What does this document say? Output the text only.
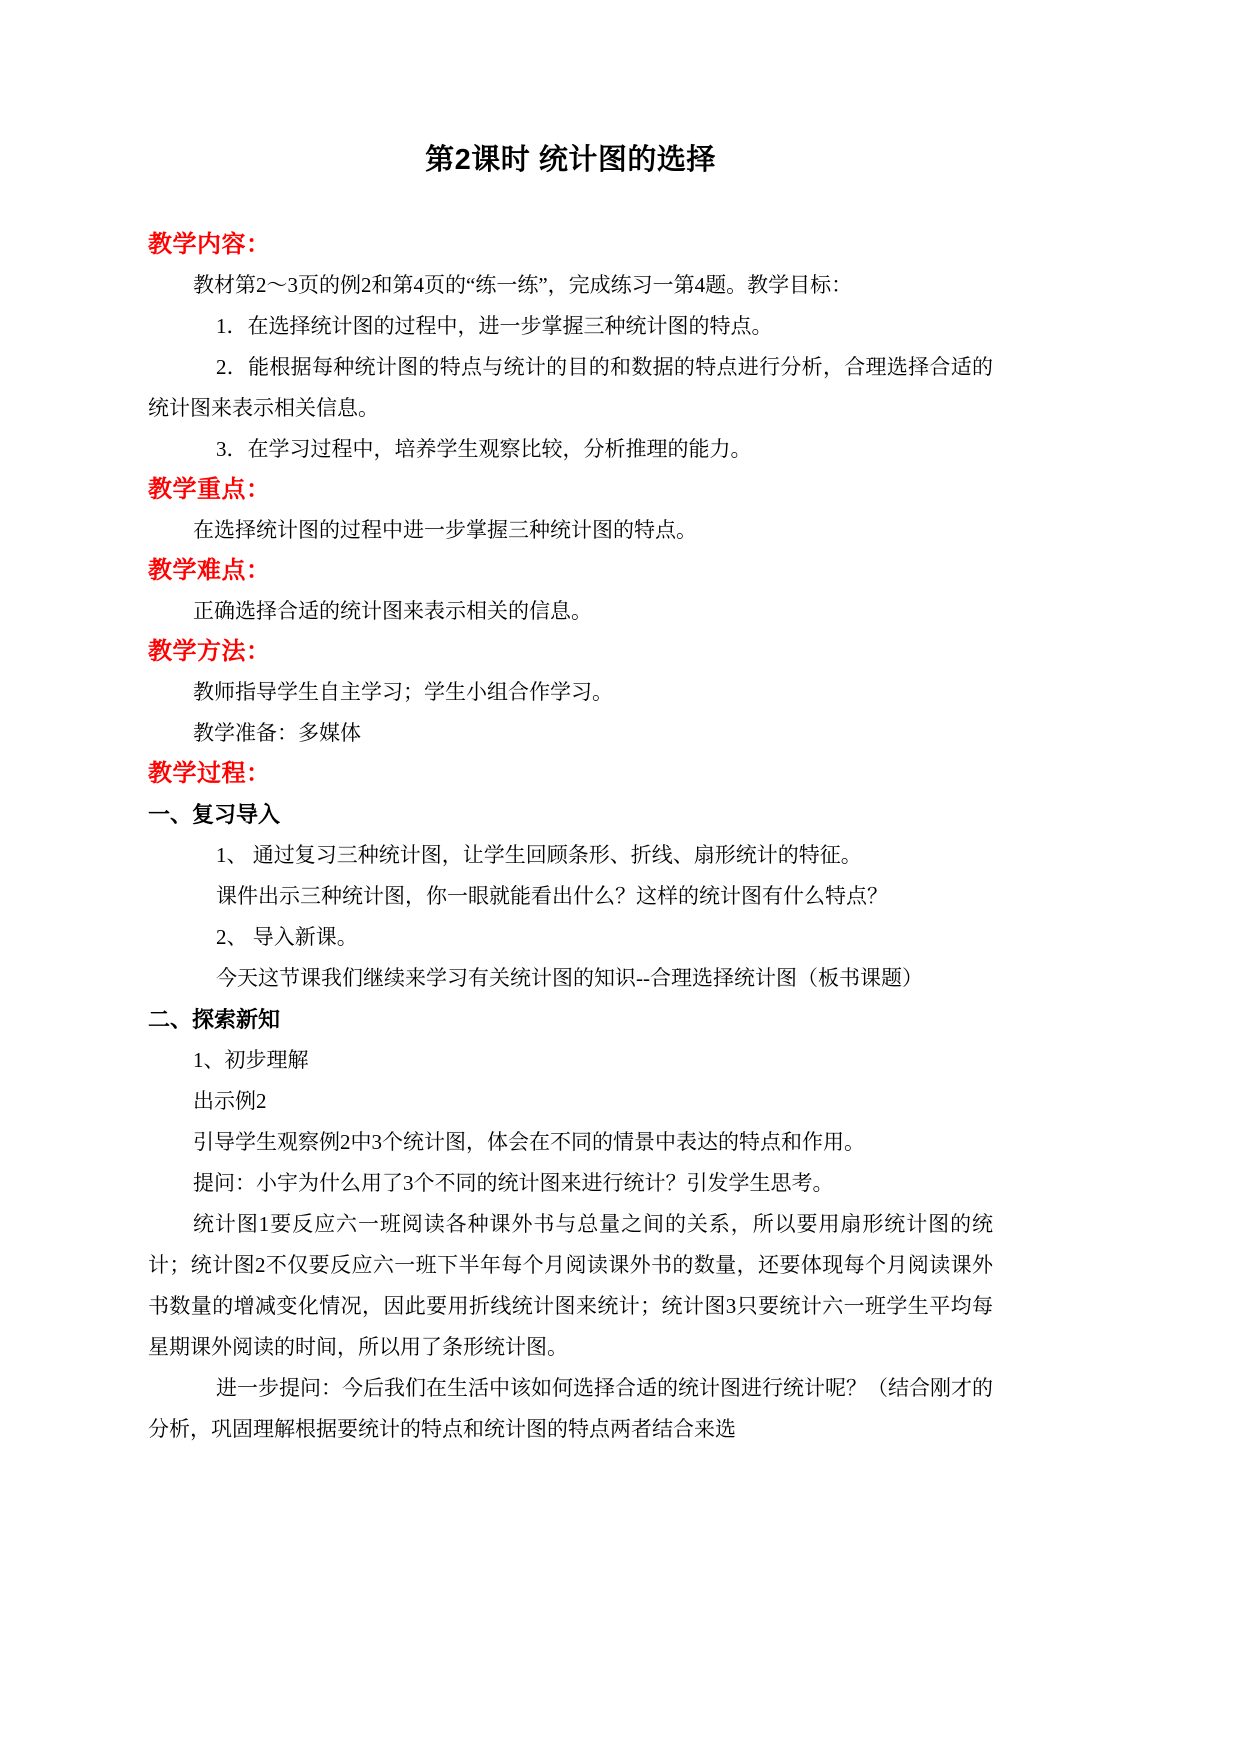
第2课时 统计图的选择

教学内容：

教材第2～3页的例2和第4页的“练一练”，完成练习一第4题。教学目标：

1．在选择统计图的过程中，进一步掌握三种统计图的特点。

2．能根据每种统计图的特点与统计的目的和数据的特点进行分析，合理选择合适的统计图来表示相关信息。

3．在学习过程中，培养学生观察比较，分析推理的能力。

教学重点：

在选择统计图的过程中进一步掌握三种统计图的特点。

教学难点：

正确选择合适的统计图来表示相关的信息。

教学方法：

教师指导学生自主学习；学生小组合作学习。

教学准备：多媒体

教学过程：

一、复习导入

1、 通过复习三种统计图，让学生回顾条形、折线、扇形统计的特征。

课件出示三种统计图，你一眼就能看出什么？这样的统计图有什么特点？

2、 导入新课。

今天这节课我们继续来学习有关统计图的知识--合理选择统计图（板书课题）

二、探索新知

1、初步理解

出示例2

引导学生观察例2中3个统计图，体会在不同的情景中表达的特点和作用。

提问：小宇为什么用了3个不同的统计图来进行统计？引发学生思考。

统计图1要反应六一班阅读各种课外书与总量之间的关系，所以要用扇形统计图的统计；统计图2不仅要反应六一班下半年每个月阅读课外书的数量，还要体现每个月阅读课外书数量的增减变化情况，因此要用折线统计图来统计；统计图3只要统计六一班学生平均每星期课外阅读的时间，所以用了条形统计图。

进一步提问：今后我们在生活中该如何选择合适的统计图进行统计呢？（结合刚才的分析，巩固理解根据要统计的特点和统计图的特点两者结合来选
